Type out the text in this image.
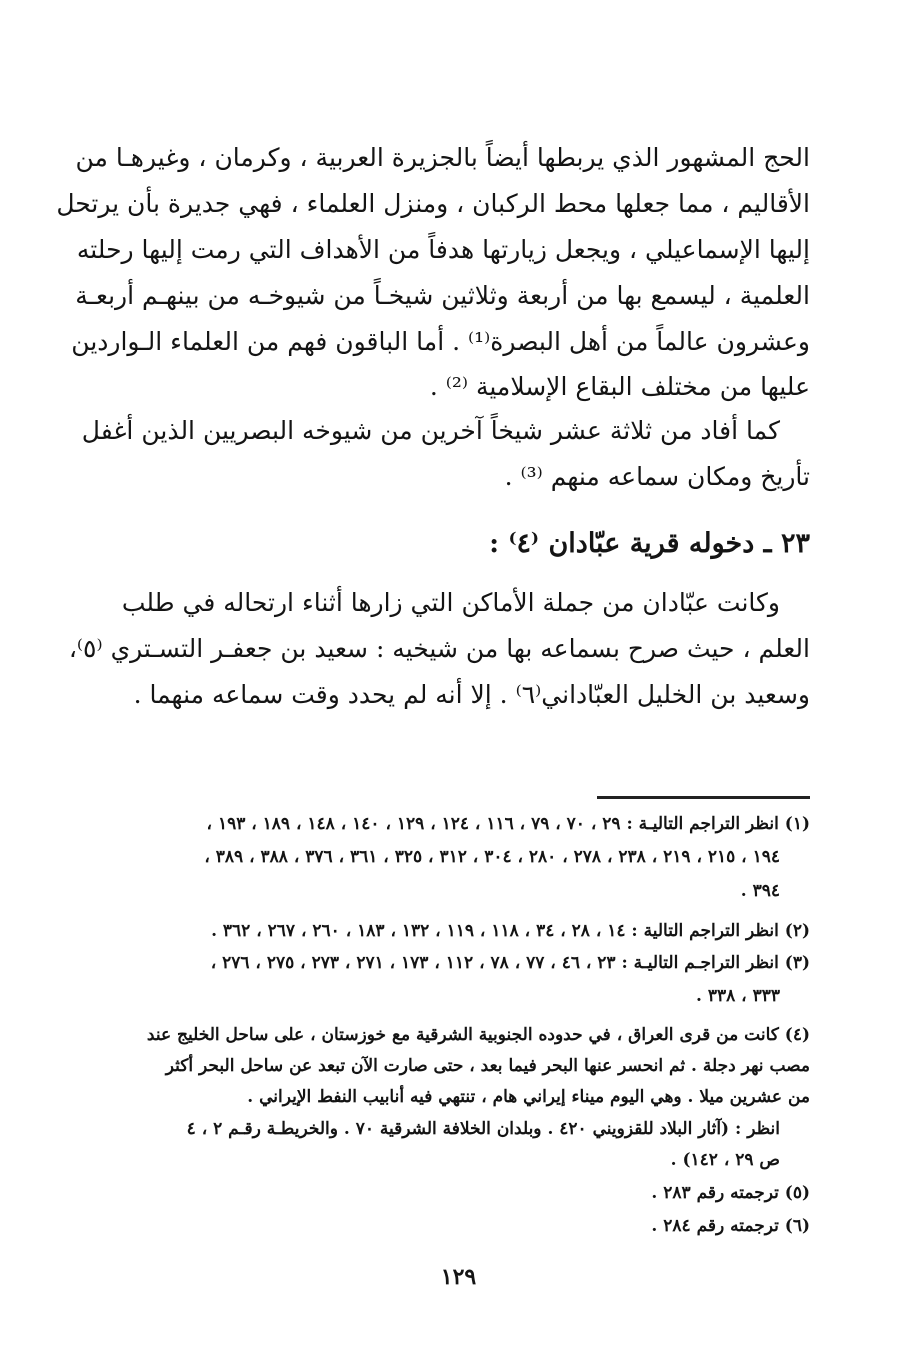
الحج المشهور الذي يربطها أيضاً بالجزيرة العربية ، وكرمان ، وغيرهـا من
الأقاليم ، مما جعلها محط الركبان ، ومنزل العلماء ، فهي جديرة بأن يرتحل
إليها الإسماعيلي ، ويجعل زيارتها هدفاً من الأهداف التي رمت إليها رحلته
العلمية ، ليسمع بها من أربعة وثلاثين شيخـاً من شيوخـه من بينهـم أربعـة
وعشرون عالماً من أهل البصرة⁽¹⁾ . أما الباقون فهم من العلماء الـواردين
عليها من مختلف البقاع الإسلامية ⁽²⁾ .
كما أفاد من ثلاثة عشر شيخاً آخرين من شيوخه البصريين الذين أغفل
تأريخ ومكان سماعه منهم ⁽³⁾ .
٢٣ ـ دخوله قرية عبّادان ⁽٤⁾ :
وكانت عبّادان من جملة الأماكن التي زارها أثناء ارتحاله في طلب
العلم ، حيث صرح بسماعه بها من شيخيه : سعيد بن جعفـر التسـتري ⁽٥⁾،
وسعيد بن الخليل العبّاداني⁽٦⁾ . إلا أنه لم يحدد وقت سماعه منهما .
(١) انظر التراجم التاليـة : ٢٩ ، ٧٠ ، ٧٩ ، ١١٦ ، ١٢٤ ، ١٢٩ ، ١٤٠ ، ١٤٨ ، ١٨٩ ، ١٩٣ ،
١٩٤ ، ٢١٥ ، ٢١٩ ، ٢٣٨ ، ٢٧٨ ، ٢٨٠ ، ٣٠٤ ، ٣١٢ ، ٣٢٥ ، ٣٦١ ، ٣٧٦ ، ٣٨٨ ، ٣٨٩ ،
٣٩٤ .
(٢) انظر التراجم التالية : ١٤ ، ٢٨ ، ٣٤ ، ١١٨ ، ١١٩ ، ١٣٢ ، ١٨٣ ، ٢٦٠ ، ٢٦٧ ، ٣٦٢ .
(٣) انظر التراجـم التاليـة : ٢٣ ، ٤٦ ، ٧٧ ، ٧٨ ، ١١٢ ، ١٧٣ ، ٢٧١ ، ٢٧٣ ، ٢٧٥ ، ٢٧٦ ،
٣٣٣ ، ٣٣٨ .
(٤) كانت من قرى العراق ، في حدوده الجنوبية الشرقية مع خوزستان ، على ساحل الخليج عند
مصب نهر دجلة . ثم انحسر عنها البحر فيما بعد ، حتى صارت الآن تبعد عن ساحل البحر أكثر
من عشرين ميلا . وهي اليوم ميناء إيراني هام ، تنتهي فيه أنابيب النفط الإيراني .
انظر : (آثار البلاد للقزويني ٤٢٠ . وبلدان الخلافة الشرقية ٧٠ . والخريطـة رقـم ٢ ، ٤
ص ٢٩ ، ١٤٢) .
(٥) ترجمته رقم ٢٨٣ .
(٦) ترجمته رقم ٢٨٤ .
١٢٩
